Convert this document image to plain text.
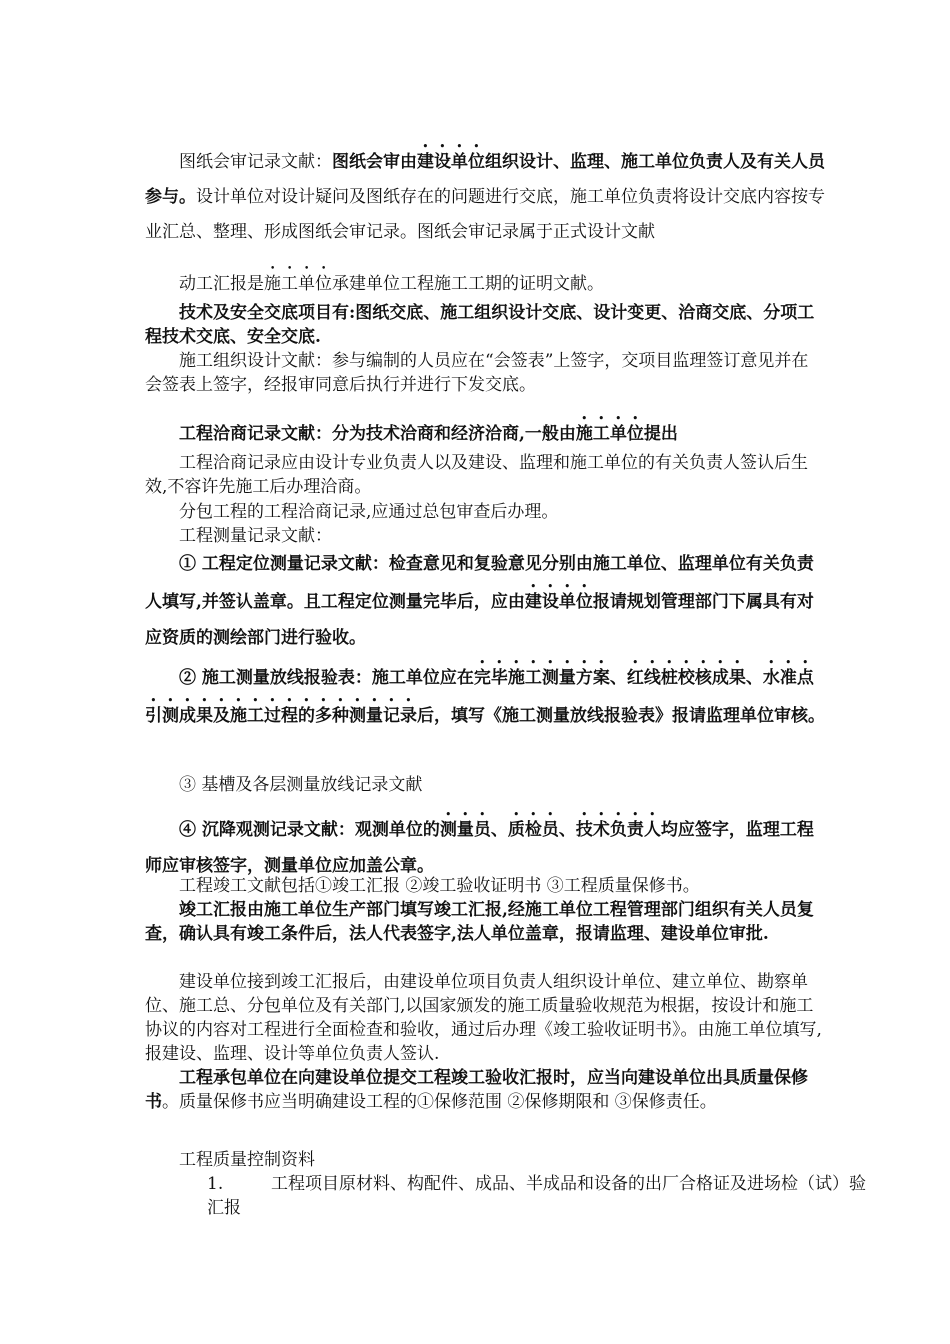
图纸会审记录文献：图纸会审由建设单位组织设计、监理、施工单位负责人及有关人员参与。设计单位对设计疑问及图纸存在的问题进行交底，施工单位负责将设计交底内容按专业汇总、整理、形成图纸会审记录。图纸会审记录属于正式设计文献
动工汇报是施工单位承建单位工程施工工期的证明文献。
技术及安全交底项目有:图纸交底、施工组织设计交底、设计变更、洽商交底、分项工程技术交底、安全交底.
施工组织设计文献：参与编制的人员应在“会签表”上签字，交项目监理签订意见并在会签表上签字，经报审同意后执行并进行下发交底。
工程洽商记录文献：分为技术洽商和经济洽商,一般由施工单位提出
工程洽商记录应由设计专业负责人以及建设、监理和施工单位的有关负责人签认后生效,不容许先施工后办理洽商。
分包工程的工程洽商记录,应通过总包审查后办理。
工程测量记录文献：
① 工程定位测量记录文献：检查意见和复验意见分别由施工单位、监理单位有关负责人填写,并签认盖章。且工程定位测量完毕后，应由建设单位报请规划管理部门下属具有对应资质的测绘部门进行验收。
② 施工测量放线报验表：施工单位应在完毕施工测量方案、红线桩校核成果、水准点引测成果及施工过程的多种测量记录后，填写《施工测量放线报验表》报请监理单位审核。
③ 基槽及各层测量放线记录文献
④ 沉降观测记录文献：观测单位的测量员、质检员、技术负责人均应签字，监理工程师应审核签字，测量单位应加盖公章。
工程竣工文献包括①竣工汇报 ②竣工验收证明书 ③工程质量保修书。
竣工汇报由施工单位生产部门填写竣工汇报,经施工单位工程管理部门组织有关人员复查，确认具有竣工条件后，法人代表签字,法人单位盖章，报请监理、建设单位审批.
建设单位接到竣工汇报后，由建设单位项目负责人组织设计单位、建立单位、勘察单位、施工总、分包单位及有关部门,以国家颁发的施工质量验收规范为根据，按设计和施工协议的内容对工程进行全面检查和验收，通过后办理《竣工验收证明书》。由施工单位填写,报建设、监理、设计等单位负责人签认.
工程承包单位在向建设单位提交工程竣工验收汇报时，应当向建设单位出具质量保修书。质量保修书应当明确建设工程的①保修范围 ②保修期限和 ③保修责任。
工程质量控制资料
1.	工程项目原材料、构配件、成品、半成品和设备的出厂合格证及进场检（试）验汇报
